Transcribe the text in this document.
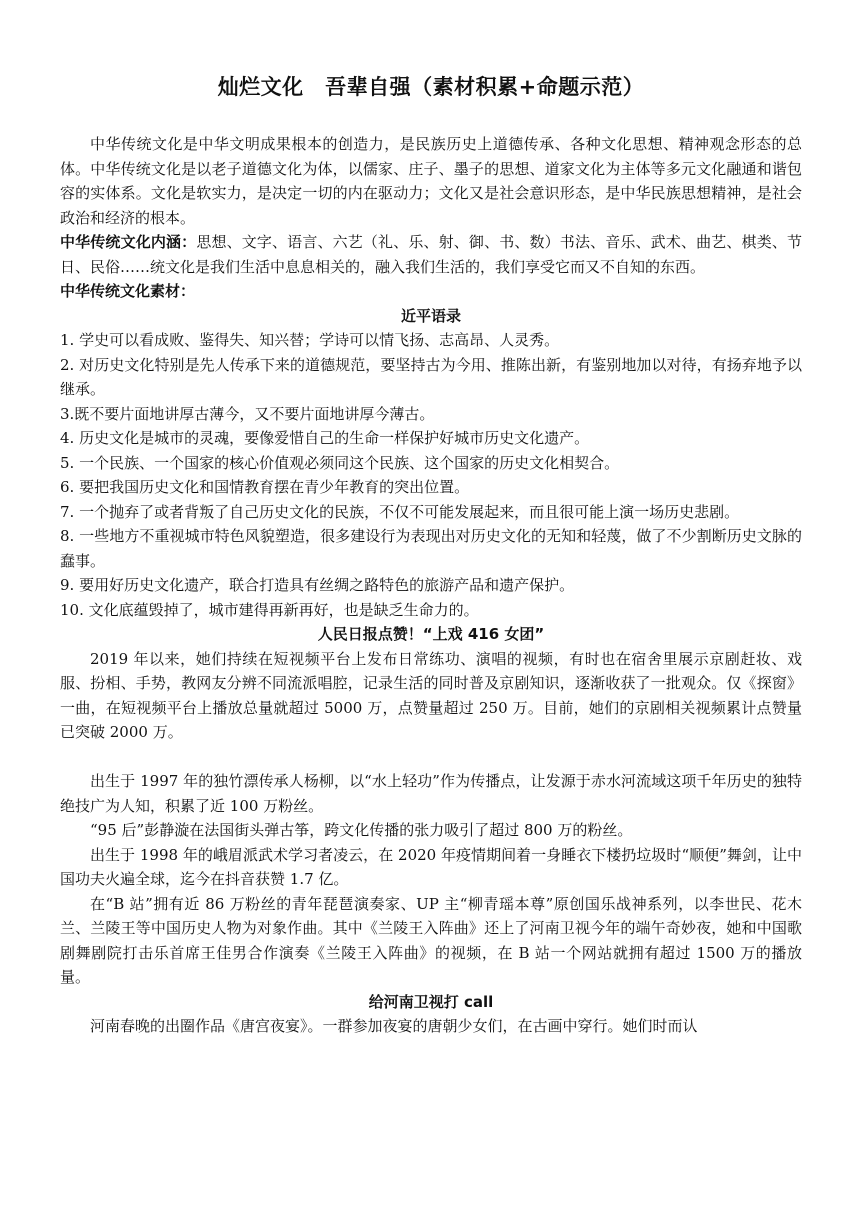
灿烂文化　吾辈自强（素材积累+命题示范）

中华传统文化是中华文明成果根本的创造力，是民族历史上道德传承、各种文化思想、精神观念形态的总体。中华传统文化是以老子道德文化为体，以儒家、庄子、墨子的思想、道家文化为主体等多元文化融通和谐包容的实体系。文化是软实力，是决定一切的内在驱动力；文化又是社会意识形态，是中华民族思想精神，是社会政治和经济的根本。

中华传统文化内涵：思想、文字、语言、六艺（礼、乐、射、御、书、数）书法、音乐、武术、曲艺、棋类、节日、民俗……统文化是我们生活中息息相关的，融入我们生活的，我们享受它而又不自知的东西。

中华传统文化素材：

近平语录
1. 学史可以看成败、鉴得失、知兴替；学诗可以情飞扬、志高昂、人灵秀。
2. 对历史文化特别是先人传承下来的道德规范，要坚持古为今用、推陈出新，有鉴别地加以对待，有扬弃地予以继承。
3.既不要片面地讲厚古薄今，又不要片面地讲厚今薄古。
4. 历史文化是城市的灵魂，要像爱惜自己的生命一样保护好城市历史文化遗产。
5. 一个民族、一个国家的核心价值观必须同这个民族、这个国家的历史文化相契合。
6. 要把我国历史文化和国情教育摆在青少年教育的突出位置。
7. 一个抛弃了或者背叛了自己历史文化的民族，不仅不可能发展起来，而且很可能上演一场历史悲剧。
8. 一些地方不重视城市特色风貌塑造，很多建设行为表现出对历史文化的无知和轻蔑，做了不少割断历史文脉的蠢事。
9. 要用好历史文化遗产，联合打造具有丝绸之路特色的旅游产品和遗产保护。
10. 文化底蕴毁掉了，城市建得再新再好，也是缺乏生命力的。
人民日报点赞！“上戏 416 女团”

2019 年以来，她们持续在短视频平台上发布日常练功、演唱的视频，有时也在宿舍里展示京剧赶妆、戏服、扮相、手势，教网友分辨不同流派唱腔，记录生活的同时普及京剧知识，逐渐收获了一批观众。仅《探窗》一曲，在短视频平台上播放总量就超过 5000 万，点赞量超过 250 万。目前，她们的京剧相关视频累计点赞量已突破 2000 万。

出生于 1997 年的独竹漂传承人杨柳，以“水上轻功”作为传播点，让发源于赤水河流域这项千年历史的独特绝技广为人知，积累了近 100 万粉丝。

“95 后”彭静漩在法国街头弹古筝，跨文化传播的张力吸引了超过 800 万的粉丝。

出生于 1998 年的峨眉派武术学习者凌云，在 2020 年疫情期间着一身睡衣下楼扔垃圾时“顺便”舞剑，让中国功夫火遍全球，迄今在抖音获赞 1.7 亿。

在“B 站”拥有近 86 万粉丝的青年琵琶演奏家、UP 主“柳青瑶本尊”原创国乐战神系列，以李世民、花木兰、兰陵王等中国历史人物为对象作曲。其中《兰陵王入阵曲》还上了河南卫视今年的端午奇妙夜，她和中国歌剧舞剧院打击乐首席王佳男合作演奏《兰陵王入阵曲》的视频，在 B 站一个网站就拥有超过 1500 万的播放量。

给河南卫视打 call

河南春晚的出圈作品《唐宫夜宴》。一群参加夜宴的唐朝少女们，在古画中穿行。她们时而认
